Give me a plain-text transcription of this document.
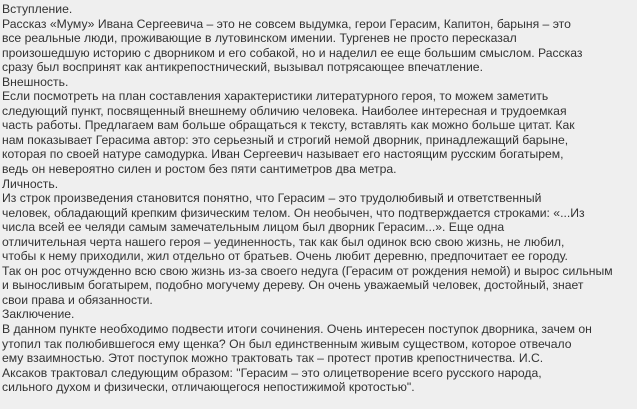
Вступление.
Рассказ «Муму» Ивана Сергеевича – это не совсем выдумка, герои Герасим, Капитон, барыня – это
все реальные люди, проживающие в лутовинском имении. Тургенев не просто пересказал
произошедшую историю с дворником и его собакой, но и наделил ее еще большим смыслом. Рассказ
сразу был воспринят как антикрепостнический, вызывал потрясающее впечатление.
Внешность.
Если посмотреть на план составления характеристики литературного героя, то можем заметить
следующий пункт, посвященный внешнему обличию человека. Наиболее интересная и трудоемкая
часть работы. Предлагаем вам больше обращаться к тексту, вставлять как можно больше цитат. Как
нам показывает Герасима автор: это серьезный и строгий немой дворник, принадлежащий барыне,
которая по своей натуре самодурка. Иван Сергеевич называет его настоящим русским богатырем,
ведь он невероятно силен и ростом без пяти сантиметров два метра.
Личность.
Из строк произведения становится понятно, что Герасим – это трудолюбивый и ответственный
человек, обладающий крепким физическим телом. Он необычен, что подтверждается строками: «...Из
числа всей ее челяди самым замечательным лицом был дворник Герасим...». Еще одна
отличительная черта нашего героя – уединенность, так как был одинок всю свою жизнь, не любил,
чтобы к нему приходили, жил отдельно от братьев. Очень любит деревню, предпочитает ее городу.
Так он рос отчужденно всю свою жизнь из-за своего недуга (Герасим от рождения немой) и вырос сильным
и выносливым богатырем, подобно могучему дереву. Он очень уважаемый человек, достойный, знает
свои права и обязанности.
Заключение.
В данном пункте необходимо подвести итоги сочинения. Очень интересен поступок дворника, зачем он
утопил так полюбившегося ему щенка? Он был единственным живым существом, которое отвечало
ему взаимностью. Этот поступок можно трактовать так – протест против крепостничества. И.С.
Аксаков трактовал следующим образом: "Герасим – это олицетворение всего русского народа,
сильного духом и физически, отличающегося непостижимой кротостью".
